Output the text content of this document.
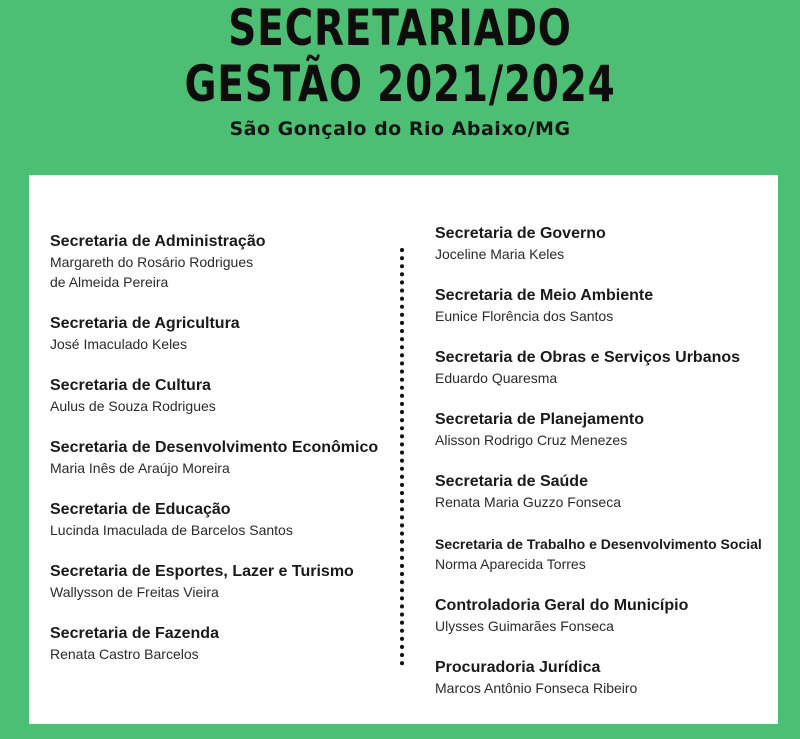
SECRETARIADO
GESTÃO 2021/2024
São Gonçalo do Rio Abaixo/MG
Secretaria de Administração
Margareth do Rosário Rodrigues
de Almeida Pereira
Secretaria de Agricultura
José Imaculado Keles
Secretaria de Cultura
Aulus de Souza Rodrigues
Secretaria de Desenvolvimento Econômico
Maria Inês de Araújo Moreira
Secretaria de Educação
Lucinda Imaculada de Barcelos Santos
Secretaria de Esportes, Lazer e Turismo
Wallysson de Freitas Vieira
Secretaria de Fazenda
Renata Castro Barcelos
Secretaria de Governo
Joceline Maria Keles
Secretaria de Meio Ambiente
Eunice Florência dos Santos
Secretaria de Obras e Serviços Urbanos
Eduardo Quaresma
Secretaria de Planejamento
Alisson Rodrigo Cruz Menezes
Secretaria de Saúde
Renata Maria Guzzo Fonseca
Secretaria de Trabalho e Desenvolvimento Social
Norma Aparecida Torres
Controladoria Geral do Município
Ulysses Guimarães Fonseca
Procuradoria Jurídica
Marcos Antônio Fonseca Ribeiro
